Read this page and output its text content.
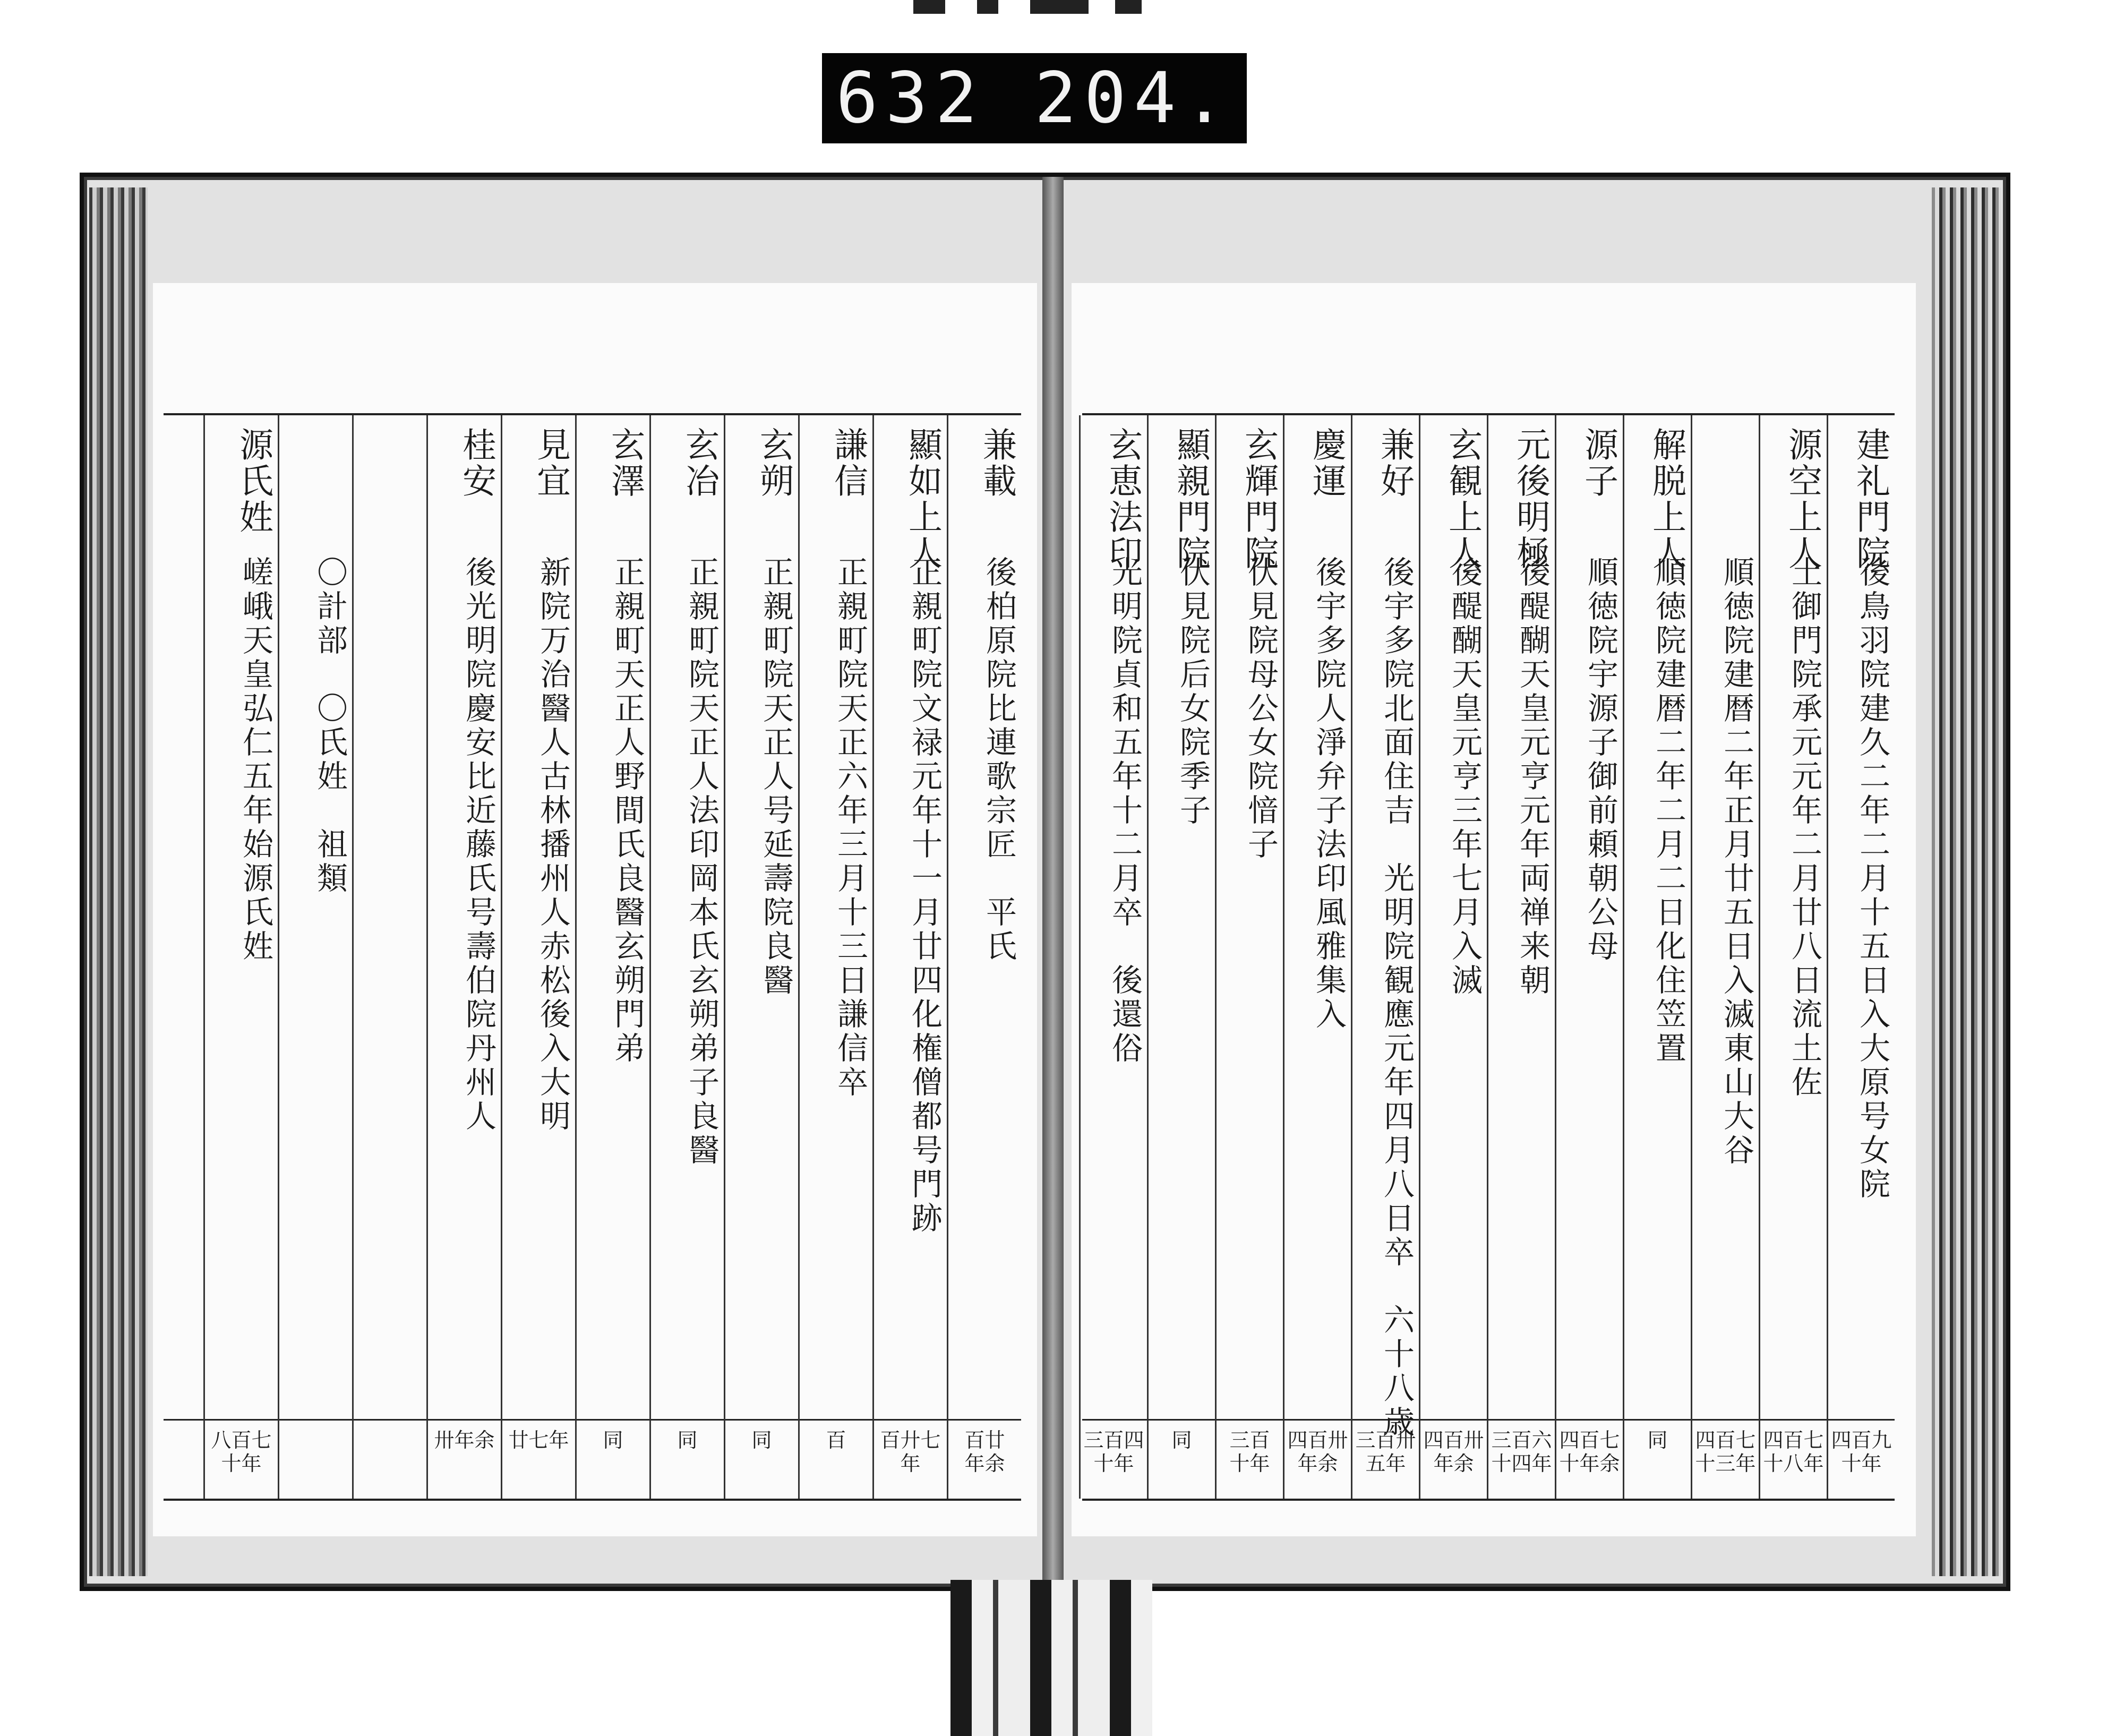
632 204.
兼載
後柏原院比連歌宗匠　平氏
百廿
年余
顯如上人
正親町院文禄元年十一月廿四化権僧都号門跡
百廾七
年
謙信
正親町院天正六年三月十三日謙信卒
百
玄朔
正親町院天正人号延壽院良醫
同
玄冶
正親町院天正人法印岡本氏玄朔弟子良醫
同
玄澤
正親町天正人野間氏良醫玄朔門弟
同
見宜
新院万治醫人古林播州人赤松後入大明
廿七年
桂安
後光明院慶安比近藤氏号壽伯院丹州人
卅年余
〇計部　〇氏姓　祖類
源氏姓
嵯峨天皇弘仁五年始源氏姓
八百七
十年
建礼門院
後鳥羽院建久二年二月十五日入大原号女院
四百九
十年
源空上人
土御門院承元元年二月廿八日流土佐
四百七
十八年
順徳院建暦二年正月廿五日入滅東山大谷
四百七
十三年
解脱上人
順徳院建暦二年二月二日化住笠置
同
源子
順徳院宇源子御前頼朝公母
四百七
十年余
元後明極
後醍醐天皇元亨元年両禅来朝
三百六
十四年
玄観上人
後醍醐天皇元亨三年七月入滅
四百卅
年余
兼好
後宇多院北面住吉　光明院観應元年四月八日卒　六十八歳
三百卅
五年
慶運
後宇多院人淨弁子法印風雅集入
四百卅
年余
玄輝門院
伏見院母公女院愔子
三百
十年
顯親門院
伏見院后女院季子
同
玄恵法印
光明院貞和五年十二月卒　後還俗
三百四
十年
